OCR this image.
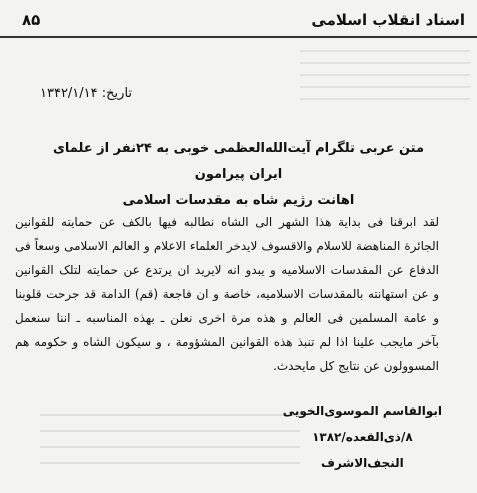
اسناد انقلاب اسلامی
۸۵
تاریخ: ۱۳۴۲/۱/۱۴
متن عربی تلگرام آیت‌الله‌العظمی خوبی به ۲۴نفر از علمای ایران پیرامون
اهانت رژیم شاه به مقدسات اسلامی
لقد ابرقنا فی بدایة هذا الشهر الی الشاه نطالبه فیها بالکف عن حمایته للقوانین
الجائرة المناهضة للاسلام والاقسوف لایدخر العلماء الاعلام و العالم الاسلامی وسعاً فی
الدفاع عن المقدسات الاسلامیه و یبدو انه لایرید ان یرتدع عن حمایته لتلک القوانین
و عن استهانته بالمقدسات الاسلامیه، خاصة و ان فاجعة (قم) الدامة قد جرحت قلوبنا
و عامة المسلمین فی العالم و هذه مرة اخری نعلن ـ بهذه المناسبه ـ اننا سنعمل
بآخر مایجب علینا اذا لم تنبذ هذه القوانین المشؤومة ، و سیکون الشاه و حکومه هم
المسوولون عن نتایج کل مایحدث.
ابوالقاسم الموسوی‌الخویی
۸/ذی‌القعده/۱۳۸۲
النجف‌الاشرف
